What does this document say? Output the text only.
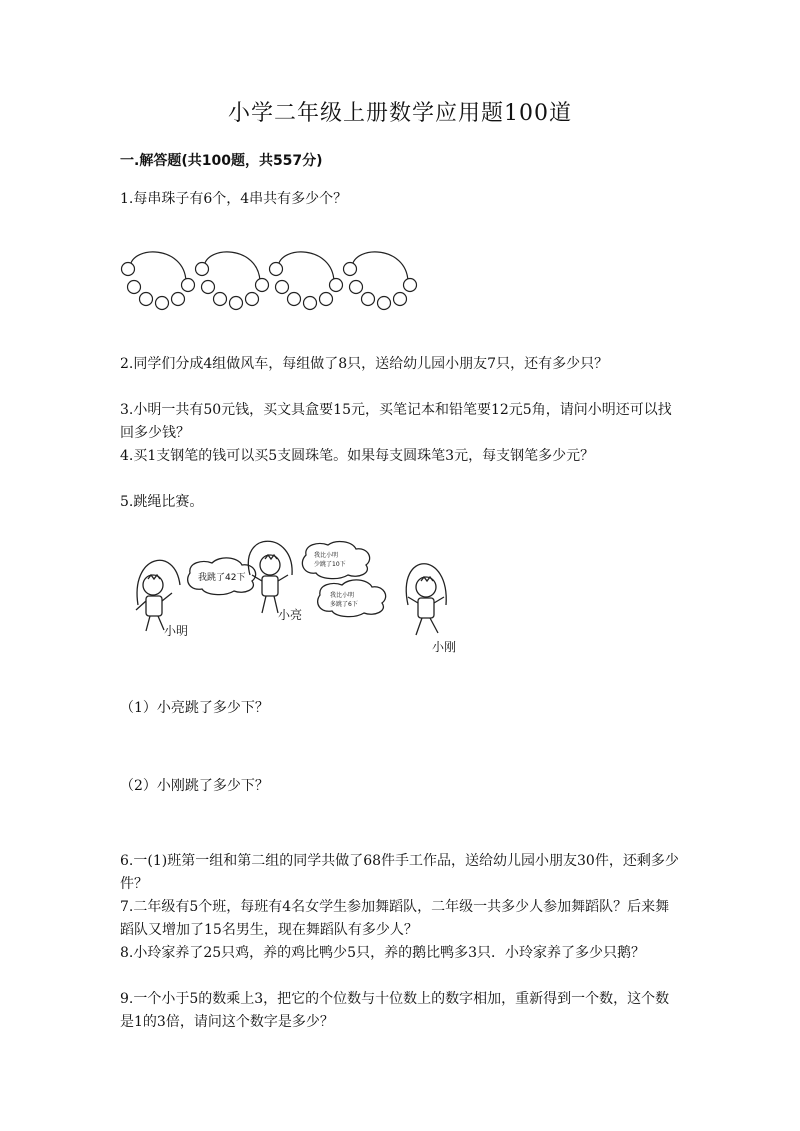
小学二年级上册数学应用题100道
一.解答题(共100题，共557分)
1.每串珠子有6个，4串共有多少个？
2.同学们分成4组做风车，每组做了8只，送给幼儿园小朋友7只，还有多少只？
3.小明一共有50元钱，买文具盒要15元，买笔记本和铅笔要12元5角，请问小明还可以找回多少钱？
4.买1支钢笔的钱可以买5支圆珠笔。如果每支圆珠笔3元，每支钢笔多少元？
5.跳绳比赛。
我跳了42下
我比小明 少跳了10下
我比小明 多跳了6下
小明
小亮
小刚
（1）小亮跳了多少下？
（2）小刚跳了多少下？
6.一(1)班第一组和第二组的同学共做了68件手工作品，送给幼儿园小朋友30件，还剩多少件？
7.二年级有5个班，每班有4名女学生参加舞蹈队，二年级一共多少人参加舞蹈队？后来舞蹈队又增加了15名男生，现在舞蹈队有多少人？
8.小玲家养了25只鸡，养的鸡比鸭少5只，养的鹅比鸭多3只．小玲家养了多少只鹅？
9.一个小于5的数乘上3，把它的个位数与十位数上的数字相加，重新得到一个数，这个数是1的3倍，请问这个数字是多少？
